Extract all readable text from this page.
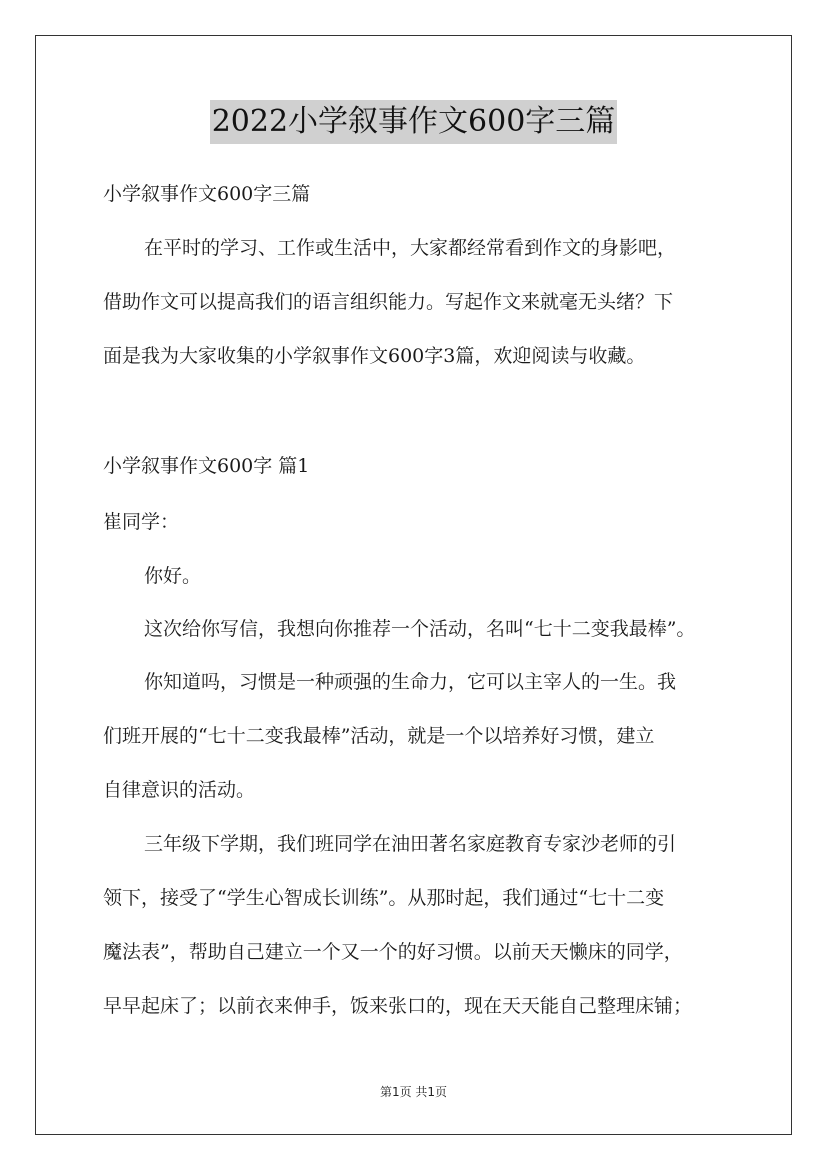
2022小学叙事作文600字三篇
小学叙事作文600字三篇
在平时的学习、工作或生活中，大家都经常看到作文的身影吧，
借助作文可以提高我们的语言组织能力。写起作文来就毫无头绪？下
面是我为大家收集的小学叙事作文600字3篇，欢迎阅读与收藏。
小学叙事作文600字 篇1
崔同学：
你好。
这次给你写信，我想向你推荐一个活动，名叫“七十二变我最棒”。
你知道吗，习惯是一种顽强的生命力，它可以主宰人的一生。我
们班开展的“七十二变我最棒”活动，就是一个以培养好习惯，建立
自律意识的活动。
三年级下学期，我们班同学在油田著名家庭教育专家沙老师的引
领下，接受了“学生心智成长训练”。从那时起，我们通过“七十二变
魔法表”，帮助自己建立一个又一个的好习惯。以前天天懒床的同学，
早早起床了；以前衣来伸手，饭来张口的，现在天天能自己整理床铺；
第1页 共1页
